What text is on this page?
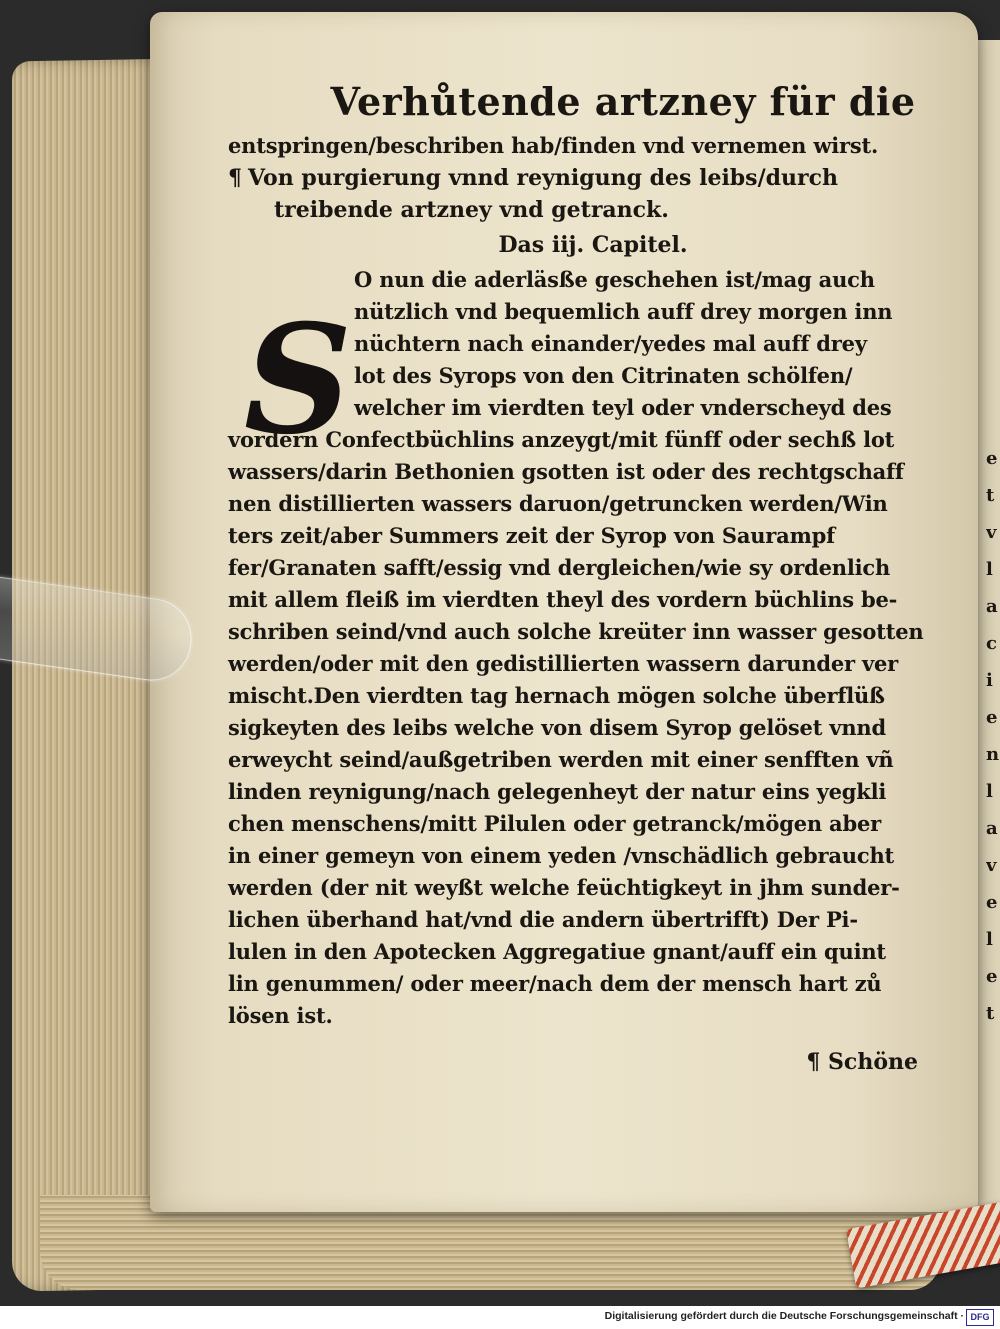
e
t
v
l
a
c
i
e
n
l
a
v
e
l
e
t
Verhůtende artzney für die
entspringen/beschriben hab/finden vnd vernemen wirst.
¶ Von purgierung vnnd reynigung des leibs/durch
treibende artzney vnd getranck.
Das iij. Capitel.
S
O nun die aderläsße geschehen ist/mag auch
nützlich vnd bequemlich auff drey morgen inn
nüchtern nach einander/yedes mal auff drey
lot des Syrops von den Citrinaten schölfen/
welcher im vierdten teyl oder vnderscheyd des
vordern Confectbüchlins anzeygt/mit fünff oder sechß lot
wassers/darin Bethonien gsotten ist oder des rechtgschaff
nen distillierten wassers daruon/getruncken werden/Win
ters zeit/aber Summers zeit der Syrop von Saurampf
fer/Granaten safft/essig vnd dergleichen/wie sy ordenlich
mit allem fleiß im vierdten theyl des vordern büchlins be-
schriben seind/vnd auch solche kreüter inn wasser gesotten
werden/oder mit den gedistillierten wassern darunder ver
mischt.Den vierdten tag hernach mögen solche überflüß
sigkeyten des leibs welche von disem Syrop gelöset vnnd
erweycht seind/außgetriben werden mit einer senfften vñ
linden reynigung/nach gelegenheyt der natur eins yegkli
chen menschens/mitt Pilulen oder getranck/mögen aber
in einer gemeyn von einem yeden /vnschädlich gebraucht
werden (der nit weyßt welche feüchtigkeyt in jhm sunder-
lichen überhand hat/vnd die andern übertrifft) Der Pi-
lulen in den Apotecken Aggregatiue gnant/auff ein quint
lin genummen/ oder meer/nach dem der mensch hart zů
lösen ist.
¶ Schöne
Digitalisierung gefördert durch die Deutsche Forschungsgemeinschaft · DFG
